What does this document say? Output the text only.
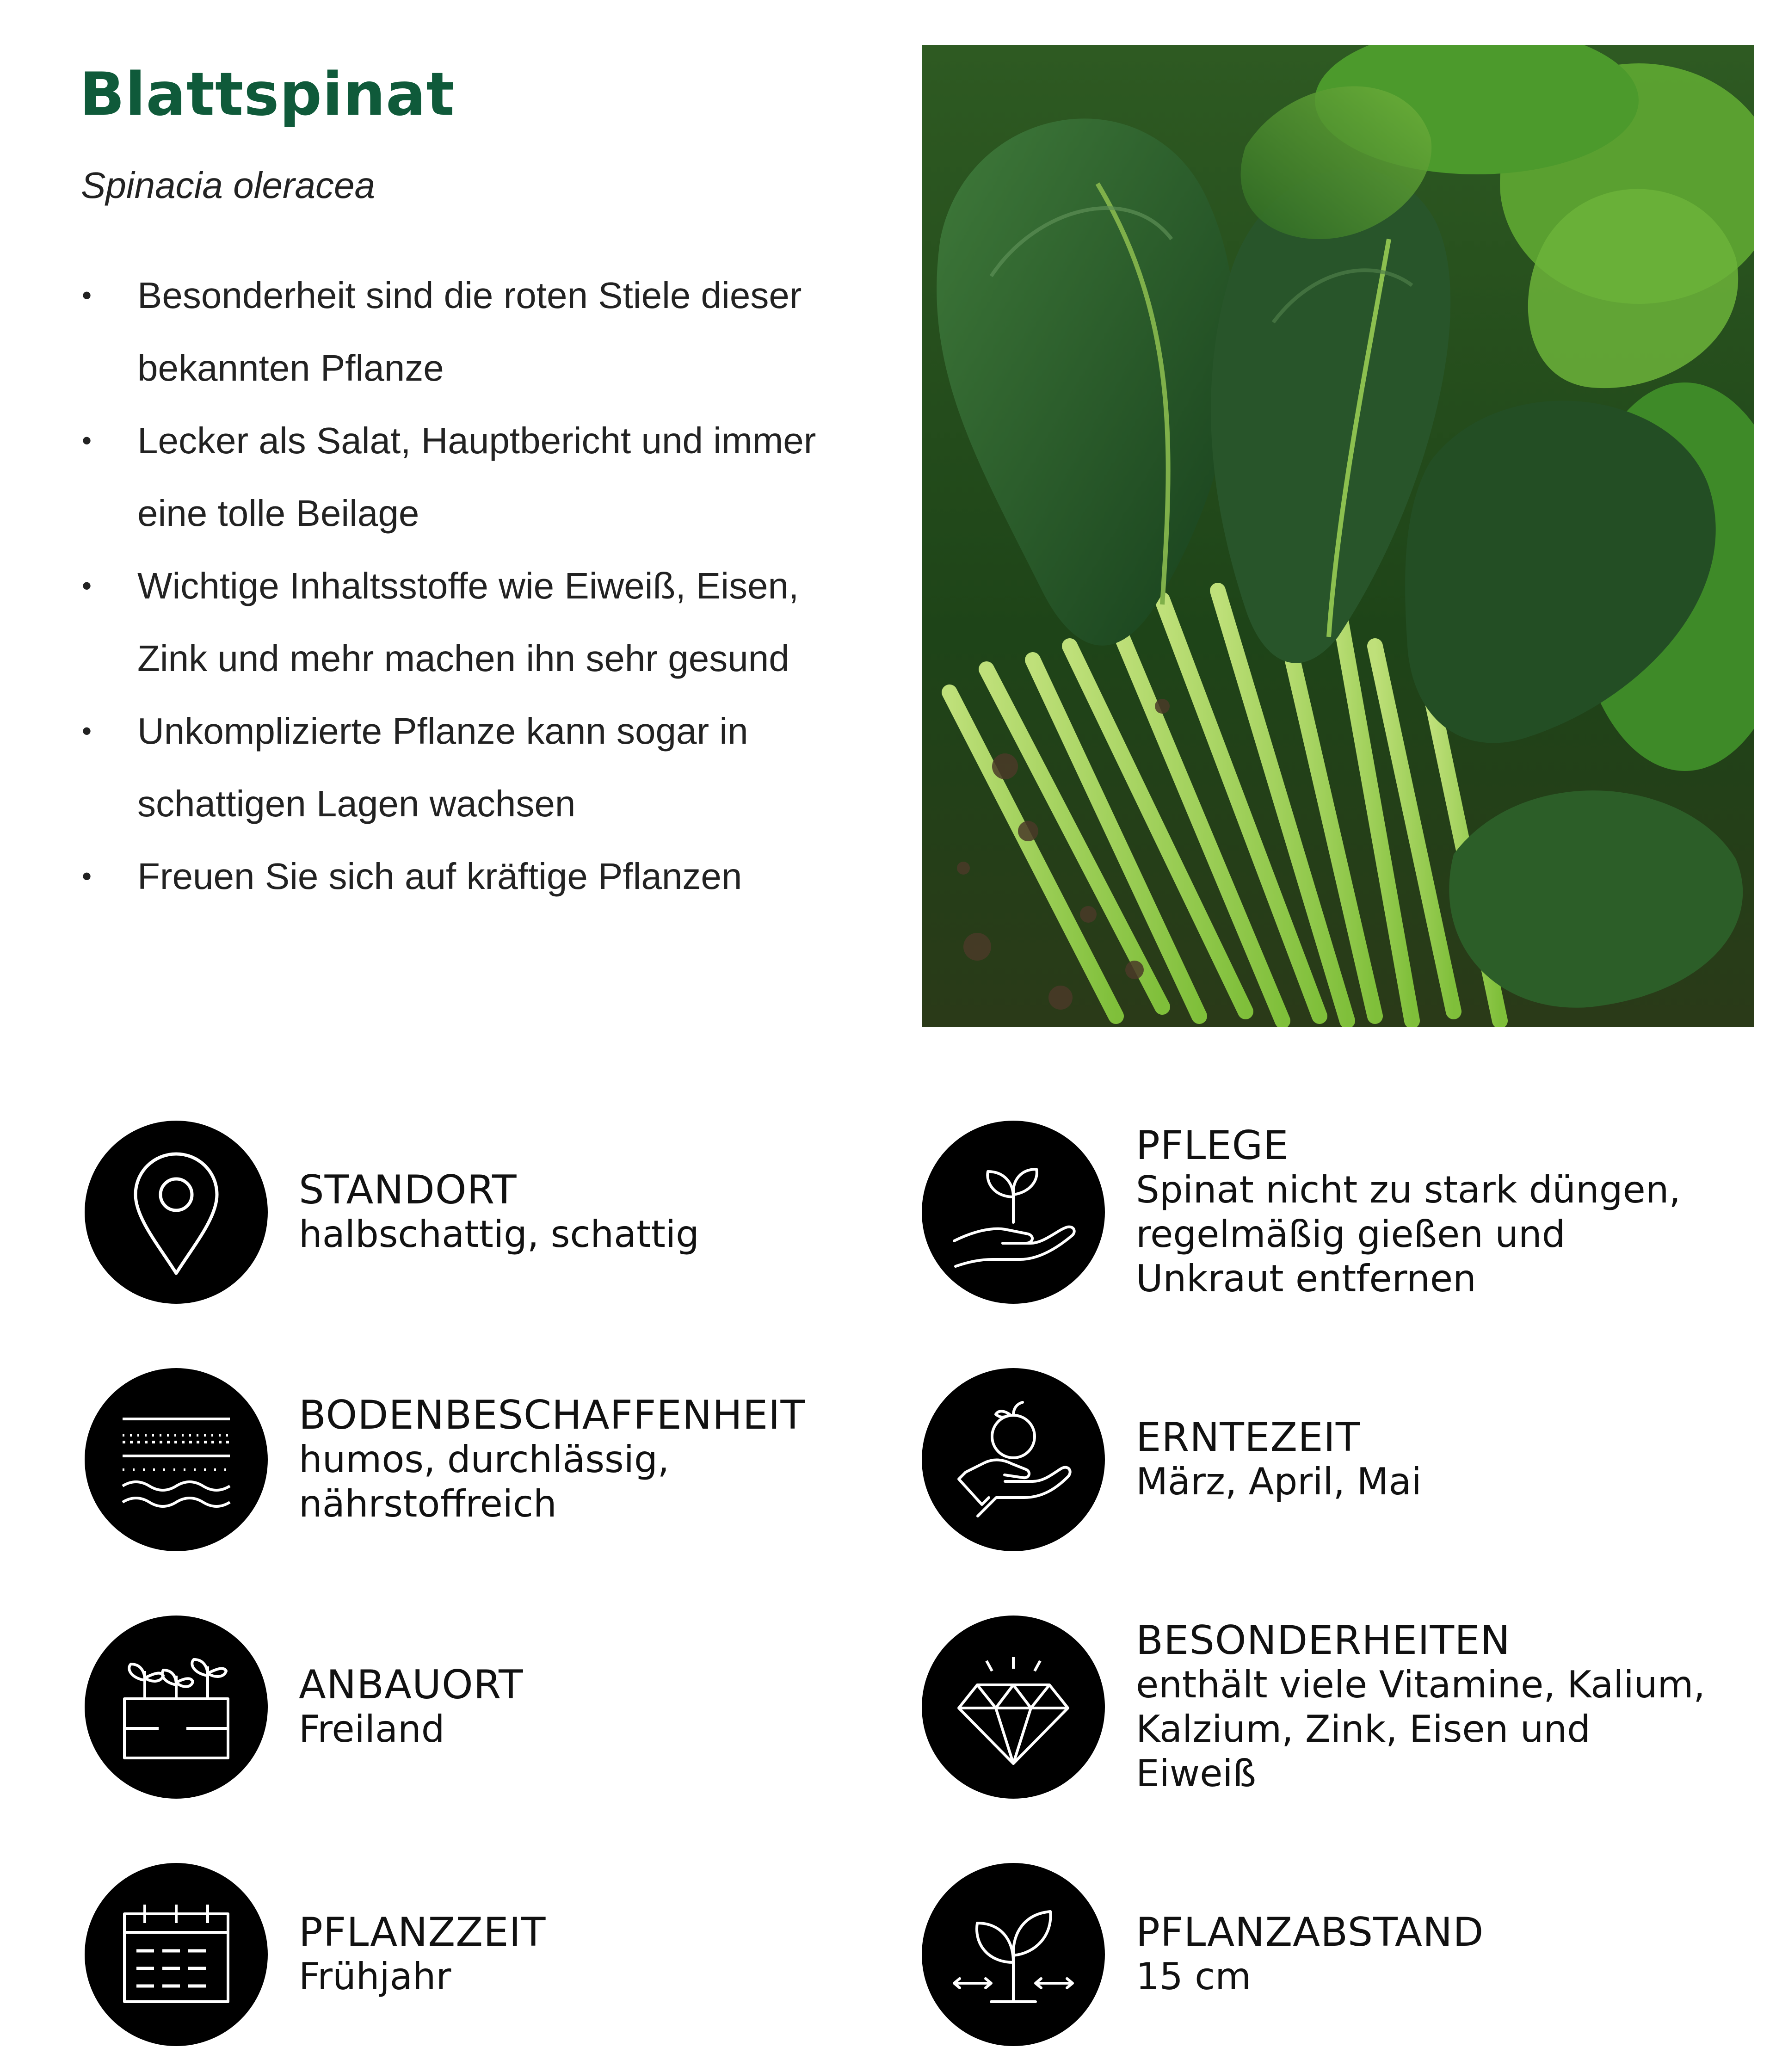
Blattspinat
Spinacia oleracea
• Besonderheit sind die roten Stiele dieser
bekannten Pflanze
• Lecker als Salat, Hauptbericht und immer
eine tolle Beilage
• Wichtige Inhaltsstoffe wie Eiweiß, Eisen,
Zink und mehr machen ihn sehr gesund
• Unkomplizierte Pflanze kann sogar in
schattigen Lagen wachsen
• Freuen Sie sich auf kräftige Pflanzen
STANDORT
halbschattig, schattig
BODENBESCHAFFENHEIT
humos, durchlässig,
nährstoffreich
ANBAUORT
Freiland
PFLANZZEIT
Frühjahr
PFLEGE
Spinat nicht zu stark düngen,
regelmäßig gießen und
Unkraut entfernen
ERNTEZEIT
März, April, Mai
BESONDERHEITEN
enthält viele Vitamine, Kalium,
Kalzium, Zink, Eisen und Eiweiß
PFLANZABSTAND
15 cm
